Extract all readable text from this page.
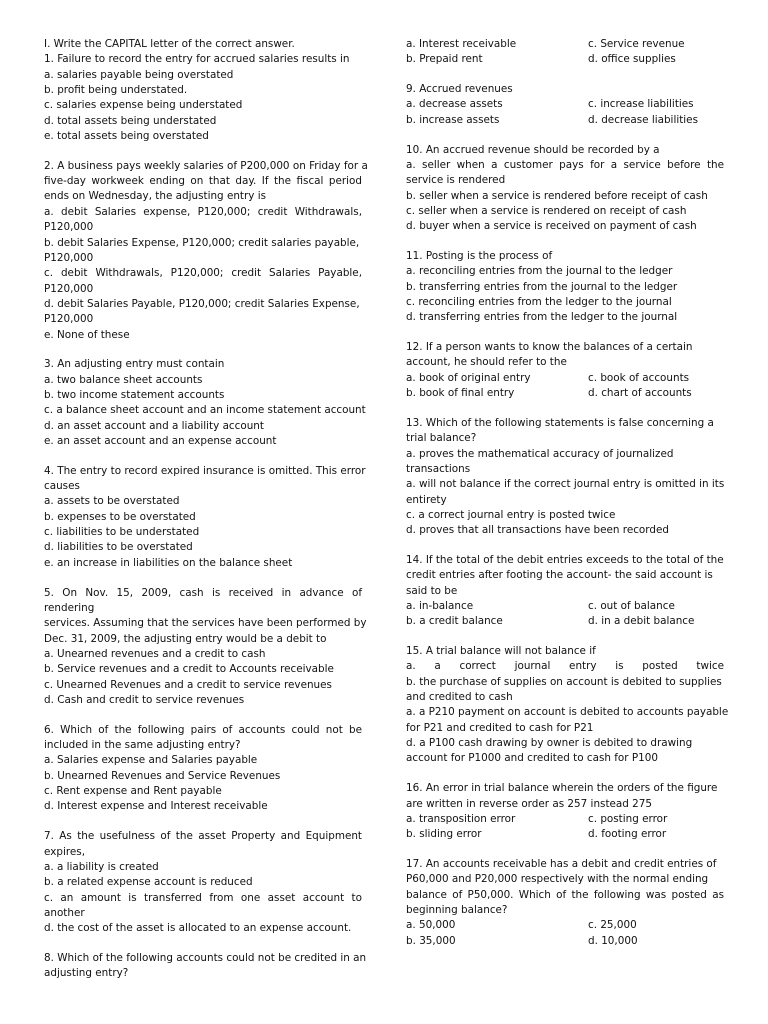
I. Write the CAPITAL letter of the correct answer.
1. Failure to record the entry for accrued salaries results in
a. salaries payable being overstated
b. profit being understated.
c. salaries expense being understated
d. total assets being understated
e. total assets being overstated
2. A business pays weekly salaries of P200,000 on Friday for a
five-day workweek ending on that day. If the fiscal period
ends on Wednesday, the adjusting entry is
a. debit Salaries expense, P120,000; credit Withdrawals,
P120,000
b. debit Salaries Expense, P120,000; credit salaries payable,
P120,000
c. debit Withdrawals, P120,000; credit Salaries Payable,
P120,000
d. debit Salaries Payable, P120,000; credit Salaries Expense,
P120,000
e. None of these
3. An adjusting entry must contain
a. two balance sheet accounts
b. two income statement accounts
c. a balance sheet account and an income statement account
d. an asset account and a liability account
e. an asset account and an expense account
4. The entry to record expired insurance is omitted. This error
causes
a. assets to be overstated
b. expenses to be overstated
c. liabilities to be understated
d. liabilities to be overstated
e. an increase in liabilities on the balance sheet
5. On Nov. 15, 2009, cash is received in advance of rendering
services. Assuming that the services have been performed by
Dec. 31, 2009, the adjusting entry would be a debit to
a. Unearned revenues and a credit to cash
b. Service revenues and a credit to Accounts receivable
c. Unearned Revenues and a credit to service revenues
d. Cash and credit to service revenues
6. Which of the following pairs of accounts could not be
included in the same adjusting entry?
a. Salaries expense and Salaries payable
b. Unearned Revenues and Service Revenues
c. Rent expense and Rent payable
d. Interest expense and Interest receivable
7. As the usefulness of the asset Property and Equipment
expires,
a. a liability is created
b. a related expense account is reduced
c. an amount is transferred from one asset account to
another
d. the cost of the asset is allocated to an expense account.
8. Which of the following accounts could not be credited in an
adjusting entry?
a. Interest receivable	c. Service revenue
b. Prepaid rent	d. office supplies
9. Accrued revenues
a. decrease assets	c. increase liabilities
b. increase assets	d. decrease liabilities
10. An accrued revenue should be recorded by a
a. seller when a customer pays for a service before the
service is rendered
b. seller when a service is rendered before receipt of cash
c. seller when a service is rendered on receipt of cash
d. buyer when a service is received on payment of cash
11. Posting is the process of
a. reconciling entries from the journal to the ledger
b. transferring entries from the journal to the ledger
c. reconciling entries from the ledger to the journal
d. transferring entries from the ledger to the journal
12. If a person wants to know the balances of a certain
account, he should refer to the
a. book of original entry	c. book of accounts
b. book of final entry	d. chart of accounts
13. Which of the following statements is false concerning a
trial balance?
a. proves the mathematical accuracy of journalized
transactions
a. will not balance if the correct journal entry is omitted in its
entirety
c. a correct journal entry is posted twice
d. proves that all transactions have been recorded
14. If the total of the debit entries exceeds to the total of the
credit entries after footing the account- the said account is
said to be
a. in-balance	c. out of balance
b. a credit balance	d. in a debit balance
15. A trial balance will not balance if
a. a correct journal entry is posted twice
b. the purchase of supplies on account is debited to supplies
and credited to cash
a. a P210 payment on account is debited to accounts payable
for P21 and credited to cash for P21
d. a P100 cash drawing by owner is debited to drawing
account for P1000 and credited to cash for P100
16. An error in trial balance wherein the orders of the figure
are written in reverse order as 257 instead 275
a. transposition error	c. posting error
b. sliding error	d. footing error
17. An accounts receivable has a debit and credit entries of
P60,000 and P20,000 respectively with the normal ending
balance of P50,000. Which of the following was posted as
beginning balance?
a. 50,000	c. 25,000
b. 35,000	d. 10,000
